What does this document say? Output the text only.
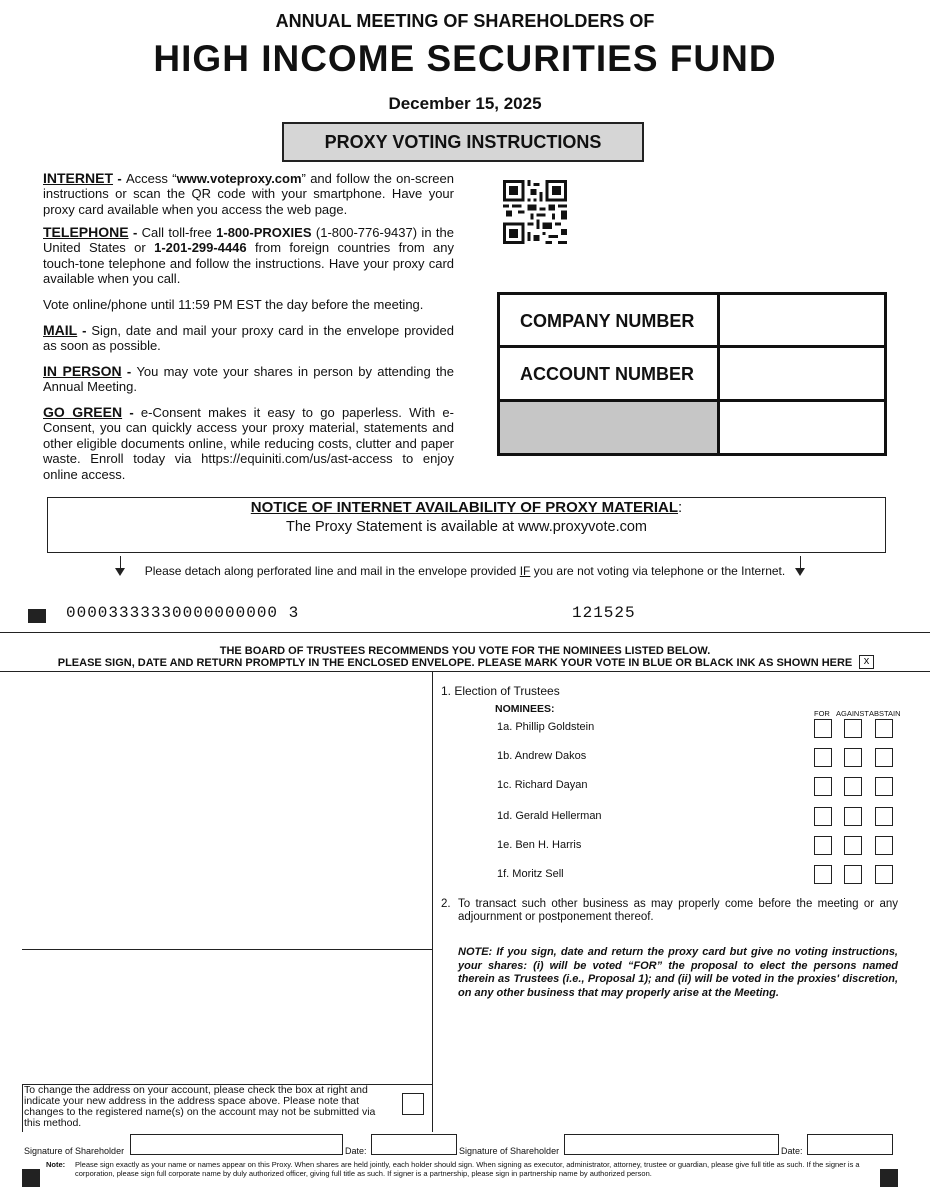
ANNUAL MEETING OF SHAREHOLDERS OF
HIGH INCOME SECURITIES FUND
December 15, 2025
PROXY VOTING INSTRUCTIONS
INTERNET - Access “www.voteproxy.com” and follow the on-screen instructions or scan the QR code with your smartphone. Have your proxy card available when you access the web page.
TELEPHONE - Call toll-free 1-800-PROXIES (1-800-776-9437) in the United States or 1-201-299-4446 from foreign countries from any touch-tone telephone and follow the instructions. Have your proxy card available when you call.
Vote online/phone until 11:59 PM EST the day before the meeting.
MAIL - Sign, date and mail your proxy card in the envelope provided as soon as possible.
IN PERSON - You may vote your shares in person by attending the Annual Meeting.
GO GREEN - e-Consent makes it easy to go paperless. With e-Consent, you can quickly access your proxy material, statements and other eligible documents online, while reducing costs, clutter and paper waste. Enroll today via https://equiniti.com/us/ast-access to enjoy online access.
COMPANY NUMBER
ACCOUNT NUMBER
NOTICE OF INTERNET AVAILABILITY OF PROXY MATERIAL:
The Proxy Statement is available at www.proxyvote.com
Please detach along perforated line and mail in the envelope provided IF you are not voting via telephone or the Internet.
00003333330000000000 3	121525
THE BOARD OF TRUSTEES RECOMMENDS YOU VOTE FOR THE NOMINEES LISTED BELOW.
PLEASE SIGN, DATE AND RETURN PROMPTLY IN THE ENCLOSED ENVELOPE. PLEASE MARK YOUR VOTE IN BLUE OR BLACK INK AS SHOWN HERE	x
To change the address on your account, please check the box at right and indicate your new address in the address space above. Please note that changes to the registered name(s) on the account may not be submitted via this method.
1. Election of Trustees
NOMINEES:	FOR AGAINST ABSTAIN
1a. Phillip Goldstein
1b. Andrew Dakos
1c. Richard Dayan
1d. Gerald Hellerman
1e. Ben H. Harris
1f. Moritz Sell
2. To transact such other business as may properly come before the meeting or any adjournment or postponement thereof.
NOTE: If you sign, date and return the proxy card but give no voting instructions, your shares: (i) will be voted “FOR” the proposal to elect the persons named therein as Trustees (i.e., Proposal 1); and (ii) will be voted in the proxies' discretion, on any other business that may properly arise at the Meeting.
Signature of Shareholder	Date:	Signature of Shareholder	Date:
Note: Please sign exactly as your name or names appear on this Proxy. When shares are held jointly, each holder should sign. When signing as executor, administrator, attorney, trustee or guardian, please give full title as such. If the signer is a corporation, please sign full corporate name by duly authorized officer, giving full title as such. If signer is a partnership, please sign in partnership name by authorized person.
